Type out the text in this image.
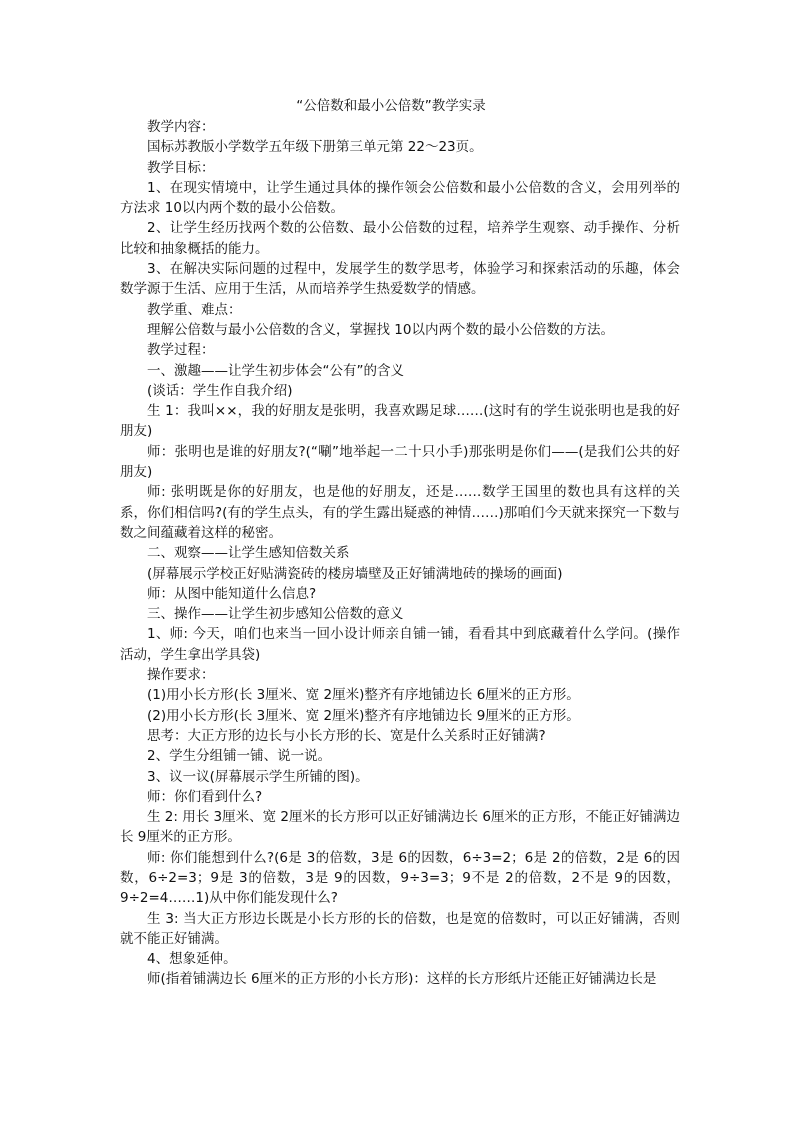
“公倍数和最小公倍数”教学实录
教学内容：
国标苏教版小学数学五年级下册第三单元第 22～23页。
教学目标：
1、在现实情境中，让学生通过具体的操作领会公倍数和最小公倍数的含义，会用列举的方法求 10以内两个数的最小公倍数。
2、让学生经历找两个数的公倍数、最小公倍数的过程，培养学生观察、动手操作、分析比较和抽象概括的能力。
3、在解决实际问题的过程中，发展学生的数学思考，体验学习和探索活动的乐趣，体会数学源于生活、应用于生活，从而培养学生热爱数学的情感。
教学重、难点：
理解公倍数与最小公倍数的含义，掌握找 10以内两个数的最小公倍数的方法。
教学过程：
一、激趣——让学生初步体会“公有”的含义
(谈话：学生作自我介绍)
生 1：我叫××，我的好朋友是张明，我喜欢踢足球……(这时有的学生说张明也是我的好朋友)
师：张明也是谁的好朋友?(“唰”地举起一二十只小手)那张明是你们——(是我们公共的好朋友)
师: 张明既是你的好朋友，也是他的好朋友，还是……数学王国里的数也具有这样的关系，你们相信吗?(有的学生点头，有的学生露出疑惑的神情……)那咱们今天就来探究一下数与数之间蕴藏着这样的秘密。
二、观察——让学生感知倍数关系
(屏幕展示学校正好贴满瓷砖的楼房墙壁及正好铺满地砖的操场的画面)
师：从图中能知道什么信息?
三、操作——让学生初步感知公倍数的意义
1、师: 今天，咱们也来当一回小设计师亲自铺一铺，看看其中到底藏着什么学问。(操作活动，学生拿出学具袋)
操作要求：
(1)用小长方形(长 3厘米、宽 2厘米)整齐有序地铺边长 6厘米的正方形。
(2)用小长方形(长 3厘米、宽 2厘米)整齐有序地铺边长 9厘米的正方形。
思考：大正方形的边长与小长方形的长、宽是什么关系时正好铺满?
2、学生分组铺一铺、说一说。
3、议一议(屏幕展示学生所铺的图)。
师：你们看到什么?
生 2: 用长 3厘米、宽 2厘米的长方形可以正好铺满边长 6厘米的正方形，不能正好铺满边长 9厘米的正方形。
师: 你们能想到什么?(6是 3的倍数，3是 6的因数，6÷3=2；6是 2的倍数，2是 6的因数，6÷2=3；9是 3的倍数，3是 9的因数，9÷3=3；9不是 2的倍数，2不是 9的因数，9÷2=4……1)从中你们能发现什么?
生 3: 当大正方形边长既是小长方形的长的倍数，也是宽的倍数时，可以正好铺满，否则就不能正好铺满。
4、想象延伸。
师(指着铺满边长 6厘米的正方形的小长方形)：这样的长方形纸片还能正好铺满边长是
